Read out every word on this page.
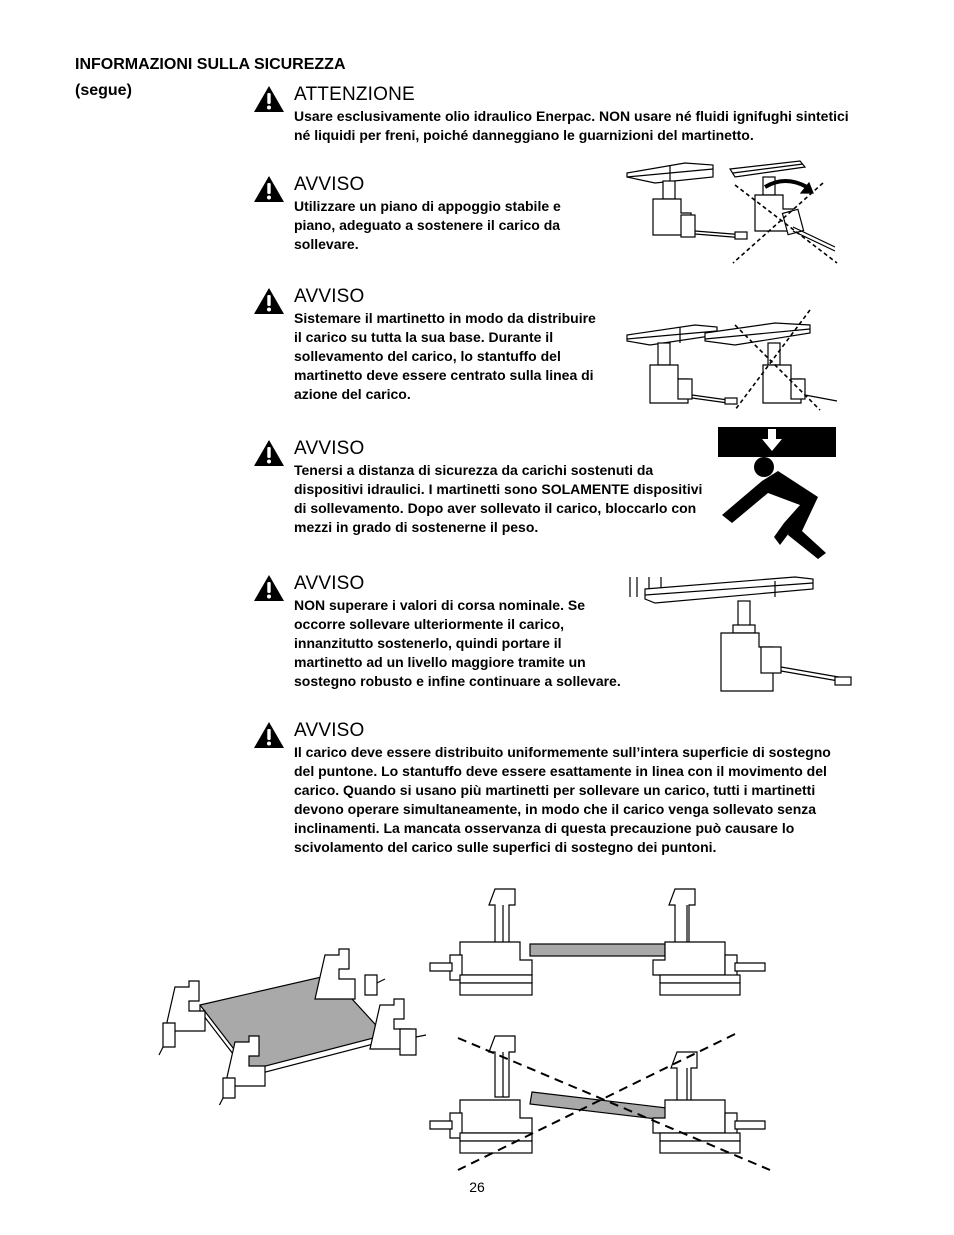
INFORMAZIONI SULLA SICUREZZA
(segue)	ATTENZIONE
Usare esclusivamente olio idraulico Enerpac. NON usare né fluidi ignifughi sintetici né liquidi per freni, poiché danneggiano le guarnizioni del martinetto.
AVVISO
Utilizzare un piano di appoggio stabile e piano, adeguato a sostenere il carico da sollevare.
AVVISO
Sistemare il martinetto in modo da distribuire il carico su tutta la sua base. Durante il sollevamento del carico, lo stantuffo del martinetto deve essere centrato sulla linea di azione del carico.
AVVISO
Tenersi a distanza di sicurezza da carichi sostenuti da dispositivi idraulici. I martinetti sono SOLAMENTE dispositivi di sollevamento. Dopo aver sollevato il carico, bloccarlo con mezzi in grado di sostenerne il peso.
AVVISO
NON superare i valori di corsa nominale. Se occorre sollevare ulteriormente il carico, innanzitutto sostenerlo, quindi portare il martinetto ad un livello maggiore tramite un sostegno robusto e infine continuare a sollevare.
AVVISO
Il carico deve essere distribuito uniformemente sull’intera superficie di sostegno del puntone. Lo stantuffo deve essere esattamente in linea con il movimento del carico. Quando si usano più martinetti per sollevare un carico, tutti i martinetti devono operare simultaneamente, in modo che il carico venga sollevato senza inclinamenti. La mancata osservanza di questa precauzione può causare lo scivolamento del carico sulle superfici di sostegno dei puntoni.
26
